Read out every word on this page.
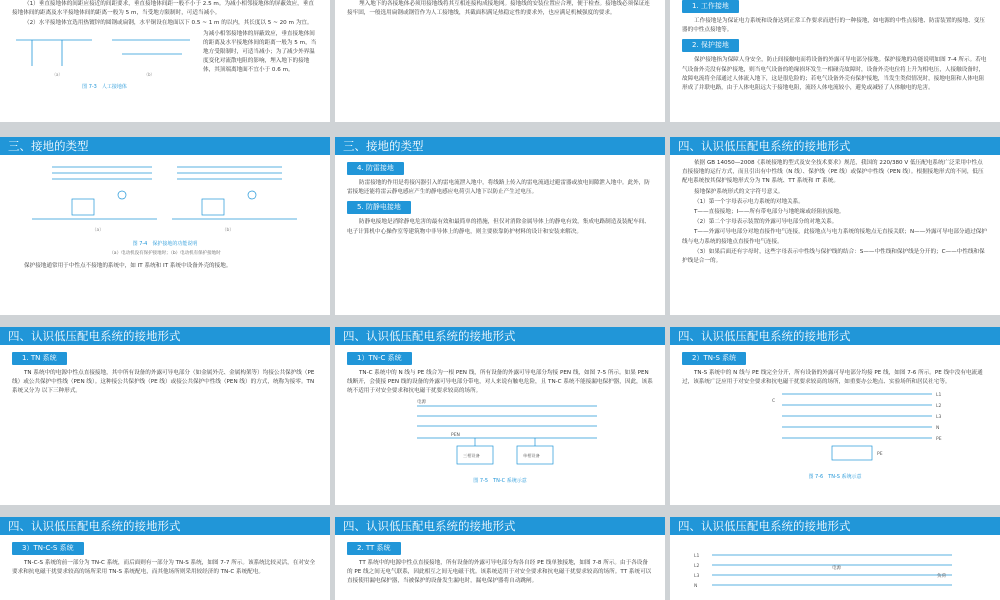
（1）垂直接地体的间距应接近的间距要求，垂直接地体间距一般不小于 2.5 m。为减小相邻接地体的屏蔽效应，垂直接地体间的距离及水平接地体间的距离一般为 5 m，当受地方限制时，可适当减小。

（2）水平接地体宜选用热镀锌的圆钢或扁钢，水平铜设在地面以下 0.5 ~ 1 m 的以内，其长度以 5 ~ 20 m 为宜。

（a）	（b）
图 7-3　人工接地体
为减小相邻接地体的屏蔽效应，垂直接地体间的距离及水平接地体间的距离一般为 5 m，当地方受限制时，可适当减小；为了减少外界温度变化对流散电阻的影响，埋入地下的接地体，其顶端离地面不宜小于 0.6 m。

埋入地下的各接地体必须用接地线将其互相连接构成接地网。接地线的安装位置应合理，便于检查。接地线必须保证连接牢固，一般选用扁钢或钢管作为人工接地线，其截面积满足热稳定性的要求外，也应满足机械强度的要求。

1. 工作接地

工作接地是为保证电力系统和设备达到正常工作要求而进行的一种接地，如电源的中性点接地、防雷装置的接地、变压器的中性点接地等。

2. 保护接地

保护接地指为保障人身安全，防止间接触电而将设备的外露可导电部分接地。保护接地的功能说明如图 7-4 所示。若电气设备外壳没有保护接地，则当电气设备的绝缘损坏发生一相碰壳故障时，设备外壳电位将上升为相电压，人接触设备时，故障电流将全部通过人体流入地下，这是很危险的；若电气设备外壳有保护接地，当发生类似情况时，接地电阻和人体电阻形成了并联电路，由于人体电阻远大于接地电阻，流经人体电流较小，避免或减轻了人体触电的危害。

三、接地的类型
（a）	（b）
图 7-4　保护接地的功能说明
（a）电动机没有保护接地时；（b）电动机有保护接地时

保护接地通常用于中性点不接地的系统中，如 IT 系统和 IT 系统中设备外壳的接地。

三、接地的类型
4. 防雷接地

防雷接地的作用是将接闪器引入的雷电流泄入地中，将线路上传入的雷电流通过避雷器或放电间隙泄入地中。此外，防雷接地还能将雷云静电感应产生的静电感应电荷引入地下以防止产生过电压。

5. 防静电接地

防静电接地是消除静电危害的最有效和最简单的措施，但仅对消除金属导体上的静电有效，集成电路制造及装配车间、电子计算机中心操作室等建筑物中非导体上的静电，则主要依靠防护材料的设计和安装来解决。

四、认识低压配电系统的接地形式

依据 GB 14050—2008《系统接地的型式及安全技术要求》规范，我国的 220/380 V 低压配电系统广泛采用中性点直接接地的运行方式，而且引出有中性线（N 线）、保护线（PE 线）或保护中性线（PEN 线）。根据接地形式的不同，低压配电系统按其保护接地形式分为 TN 系统、TT 系统和 IT 系统。

接地保护系统形式的文字符号意义。

（1）第一个字母表示电力系统的对地关系。

T——直接接地；I——所有带电部分与地绝缘或经阻抗接地。

（2）第二个字母表示装置的外露可导电部分的对地关系。

T——外露可导电部分对地直接作电气连接，此接地点与电力系统的接地点无直接关联；N——外露可导电部分通过保护线与电力系统的接地点直接作电气连接。

（3）如果后面还有字母时，这些字母表示中性线与保护线的结合：S——中性线和保护线是分开的；C——中性线和保护线是合一的。

四、认识低压配电系统的接地形式
1. TN 系统

TN 系统中的电源中性点直接接地，其中所有设备的外露可导电部分（如金属外壳、金属构架等）均接公共保护线（PE 线）或公共保护中性线（PEN 线）。这种接公共保护线（PE 线）或接公共保护中性线（PEN 线）的方式，统称为接零。TN 系统又分为 以下三种形式。

四、认识低压配电系统的接地形式
1）TN-C 系统

TN-C 系统中的 N 线与 PE 线合为一根 PEN 线，所有设备的外露可导电部分均接 PEN 线，如图 7-5 所示。如果 PEN 线断开，会使接 PEN 线的设备的外露可导电部分带电，对人来说有触电危险，且 TN-C 系统不能接漏电保护器，因此，该系统不适用于对安全要求和抗电磁干扰要求较高的场所。

电源
PEN
三相设备	单相设备
图 7-5　TN-C 系统示意
四、认识低压配电系统的接地形式
2）TN-S 系统

TN-S 系统中的 N 线与 PE 线完全分开，所有设备的外露可导电部分均接 PE 线，如图 7-6 所示。PE 线中没有电流通过，该系统广泛应用于对安全要求和抗电磁干扰要求较高的场所，如重要办公地点、实验场所和居民社宅等。

C
PE
L1
L2
L3
N
PE
图 7-6　TN-S 系统示意
四、认识低压配电系统的接地形式
3）TN-C-S 系统

TN-C-S 系统的前一部分为 TN-C 系统，而后面则有一部分为 TN-S 系统，如图 7-7 所示。该系统比较灵活，在对安全要求和抗电磁干扰要求较高的场所采用 TN-S 系统配电，而其他场所则采用较经济的 TN-C 系统配电。

四、认识低压配电系统的接地形式
2. TT 系统

TT 系统中的电源中性点直接接地，所有设备的外露可导电部分均各自经 PE 线单独接地，如图 7-8 所示。由于各设备的 PE 线之间无电气联系，因此相互之间无电磁干扰。该系统适用于对安全要求和抗电磁干扰要求较高的场所。TT 系统可以直接使用漏电保护器，当被保护的设备发生漏电时，漏电保护器将自动跳闸。

四、认识低压配电系统的接地形式
L1
L2
L3
N
电源
负荷
